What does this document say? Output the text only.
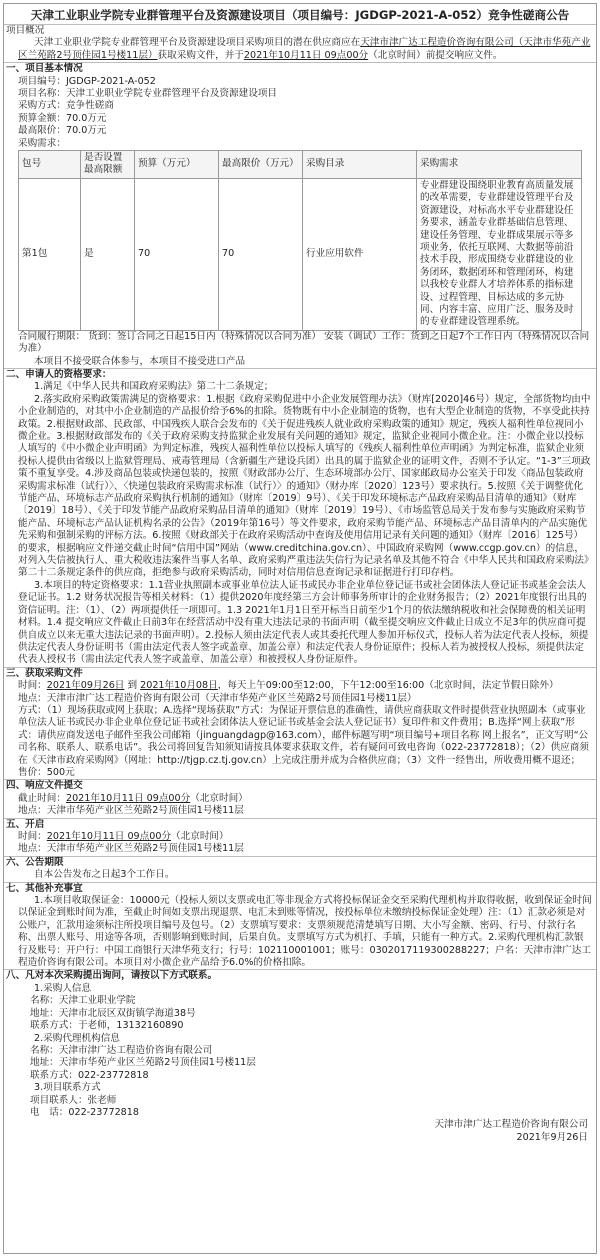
天津工业职业学院专业群管理平台及资源建设项目（项目编号：JGDGP-2021-A-052）竞争性磋商公告
项目概况
天津工业职业学院专业群管理平台及资源建设项目采购项目的潜在供应商应在天津市津广达工程造价咨询有限公司（天津市华苑产业区兰苑路2号顶佳园1号楼11层）获取采购文件，并于2021年10月11日 09点00分（北京时间）前提交响应文件。
一、项目基本情况
项目编号：JGDGP-2021-A-052
项目名称：天津工业职业学院专业群管理平台及资源建设项目
采购方式：竞争性磋商
预算金额：70.0万元
最高限价：70.0万元
采购需求：
包号	是否设置最高限额	预算（万元）	最高限价（万元）	采购目录	采购需求
第1包	是	70	70	行业应用软件	专业群建设围绕职业教育高质量发展的改革需要，专业群建设管理平台及资源建设，对标高水平专业群建设任务要求，涵盖专业群基础信息管理、建设任务管理、专业群成果展示等多项业务，依托互联网、大数据等前沿技术手段，形成围绕专业群建设的业务闭环，数据闭环和管理闭环，构建以我校专业群人才培养体系的指标建设、过程管理、目标达成的多元协同、内容丰富、应用广泛、服务及时的专业群建设管理系统。
合同履行期限： 货到：签订合同之日起15日内（特殊情况以合同为准） 安装（调试）工作：货到之日起7个工作日内（特殊情况以合同为准）
本项目不接受联合体参与，本项目不接受进口产品
二、申请人的资格要求：
1.满足《中华人民共和国政府采购法》第二十二条规定；
2.落实政府采购政策需满足的资格要求：1.根据《政府采购促进中小企业发展管理办法》（财库[2020]46号）规定，全部货物均由中小企业制造的，对其中小企业制造的产品报价给予6%的扣除。货物既有中小企业制造的货物，也有大型企业制造的货物，不享受此扶持政策。2.根据财政部、民政部、中国残疾人联合会发布的《关于促进残疾人就业政府采购政策的通知》规定，残疾人福利性单位视同小微企业。3.根据财政部发布的《关于政府采购支持监狱企业发展有关问题的通知》规定，监狱企业视同小微企业。注：小微企业以投标人填写的《中小微企业声明函》为判定标准，残疾人福利性单位以投标人填写的《残疾人福利性单位声明函》为判定标准，监狱企业须投标人提供由省级以上监狱管理局、戒毒管理局（含新疆生产建设兵团）出具的属于监狱企业的证明文件，否则不予认定。“1-3”三项政策不重复享受。4.涉及商品包装或快递包装的，按照《财政部办公厅、生态环境部办公厅、国家邮政局办公室关于印发〈商品包装政府采购需求标准（试行）〉、〈快递包装政府采购需求标准（试行）〉的通知》（财办库〔2020〕123号）要求执行。5.按照《关于调整优化节能产品、环境标志产品政府采购执行机制的通知》（财库〔2019〕9号）、《关于印发环境标志产品政府采购品目清单的通知》（财库〔2019〕18号）、《关于印发节能产品政府采购品目清单的通知》（财库〔2019〕19号）、《市场监管总局关于发布参与实施政府采购节能产品、环境标志产品认证机构名录的公告》（2019年第16号）等文件要求，政府采购节能产品、环境标志产品目清单内的产品实施优先采购和强制采购的评标方法。6.按照《财政部关于在政府采购活动中查询及使用信用记录有关问题的通知》（财库〔2016〕125号）的要求，根据响应文件递交截止时间“信用中国”网站（www.creditchina.gov.cn）、中国政府采购网（www.ccgp.gov.cn）的信息，对列入失信被执行人、重大税收违法案件当事人名单、政府采购严重违法失信行为记录名单及其他不符合《中华人民共和国政府采购法》第二十二条规定条件的供应商，拒绝参与政府采购活动，同时对信用信息查询记录和证据进行打印存档。
3.本项目的特定资格要求：1.1营业执照副本或事业单位法人证书或民办非企业单位登记证书或社会团体法人登记证书或基金会法人登记证书。1.2 财务状况报告等相关材料：（1）提供2020年度经第三方会计师事务所审计的企业财务报告；（2）2021年度银行出具的资信证明。注：（1）、（2）两项提供任一项即可。1.3 2021年1月1日至开标当日前至少1个月的依法缴纳税收和社会保障费的相关证明材料。1.4 提交响应文件截止日前3年在经营活动中没有重大违法记录的书面声明（截至提交响应文件截止日成立不足3年的供应商可提供自成立以来无重大违法记录的书面声明）。2.投标人须由法定代表人或其委托代理人参加开标仪式，投标人若为法定代表人投标，须提供法定代表人身份证明书（需由法定代表人签字或盖章、加盖公章）和法定代表人身份证原件；投标人若为被授权人投标，须提供法定代表人授权书（需由法定代表人签字或盖章、加盖公章）和被授权人身份证原件。
三、获取采购文件
时间：2021年09月26日 到 2021年10月08日，每天上午09:00至12:00，下午12:00至16:00（北京时间，法定节假日除外）
地点：天津市津广达工程造价咨询有限公司（天津市华苑产业区兰苑路2号顶佳园1号楼11层）
方式：（1）现场获取或网上获取；A.选择“现场获取”方式：为保证开票信息的准确性，请供应商获取文件时提供营业执照副本（或事业单位法人证书或民办非企业单位登记证书或社会团体法人登记证书或基金会法人登记证书）复印件和文件费用；B.选择“网上获取”形式：请供应商发送电子邮件至我公司邮箱（jinguangdagp@163.com），邮件标题写明“项目编号+项目名称 网上报名”，正文写明“公司名称、联系人、联系电话”。我公司将回复告知须知请按具体要求获取文件，若有疑问可致电咨询（022-23772818）；（2）供应商须在《天津市政府采购网》（网址：http://tjgp.cz.tj.gov.cn）上完成注册并成为合格供应商；（3）文件一经售出，所收费用概不退还；
售价：500元
四、响应文件提交
截止时间：2021年10月11日 09点00分（北京时间）
地点：天津市华苑产业区兰苑路2号顶佳园1号楼11层
五、开启
时间：2021年10月11日 09点00分（北京时间）
地点：天津市华苑产业区兰苑路2号顶佳园1号楼11层
六、公告期限
自本公告发布之日起3个工作日。
七、其他补充事宜
1.本项目收取保证金：10000元（投标人须以支票或电汇等非现金方式将投标保证金交至采购代理机构并取得收据，收到保证金时间以保证金到账时间为准，至截止时间如支票出现退票、电汇未到账等情况，按投标单位未缴纳投标保证金处理）注：（1）汇款必须是对公账户，汇款用途须标注所投项目编号及包号。（2）支票填写要求：支票须规范清楚填写日期、大小写金额、密码、行号、付款行名称、出票人账号、用途等各项，否则影响到账时间，后果自负。支票填写方式为机打、手填，只能有一种方式。2.采购代理机构汇款银行及账号：开户行：中国工商银行天津华苑支行；行号：102110001001；账号：0302017119300288227；户名：天津市津广达工程造价咨询有限公司。本项目对小微企业产品给予6.0%的价格扣除。
八、凡对本次采购提出询问，请按以下方式联系。
1.采购人信息
名称：天津工业职业学院
地址：天津市北辰区双街镇学海道38号
联系方式：于老师，13132160890
2.采购代理机构信息
名称：天津市津广达工程造价咨询有限公司
地址：天津市华苑产业区兰苑路2号顶佳园1号楼11层
联系方式：022-23772818
3.项目联系方式
项目联系人：张老师
电　话：022-23772818
天津市津广达工程造价咨询有限公司
2021年9月26日
